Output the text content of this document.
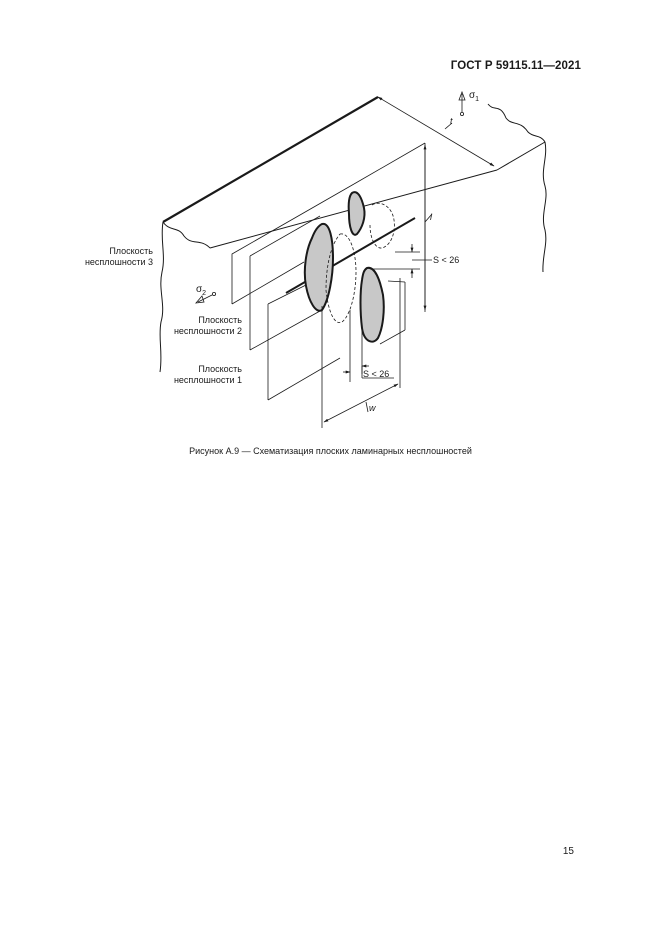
ГОСТ Р 59115.11—2021
t
S < 26
l
w
S < 26
$\sigma_1$
$\sigma_2$
Плоскость
несплошности 3
Плоскость
несплошности 2
Плоскость
несплошности 1
Рисунок А.9 — Схематизация плоских ламинарных несплошностей
15
